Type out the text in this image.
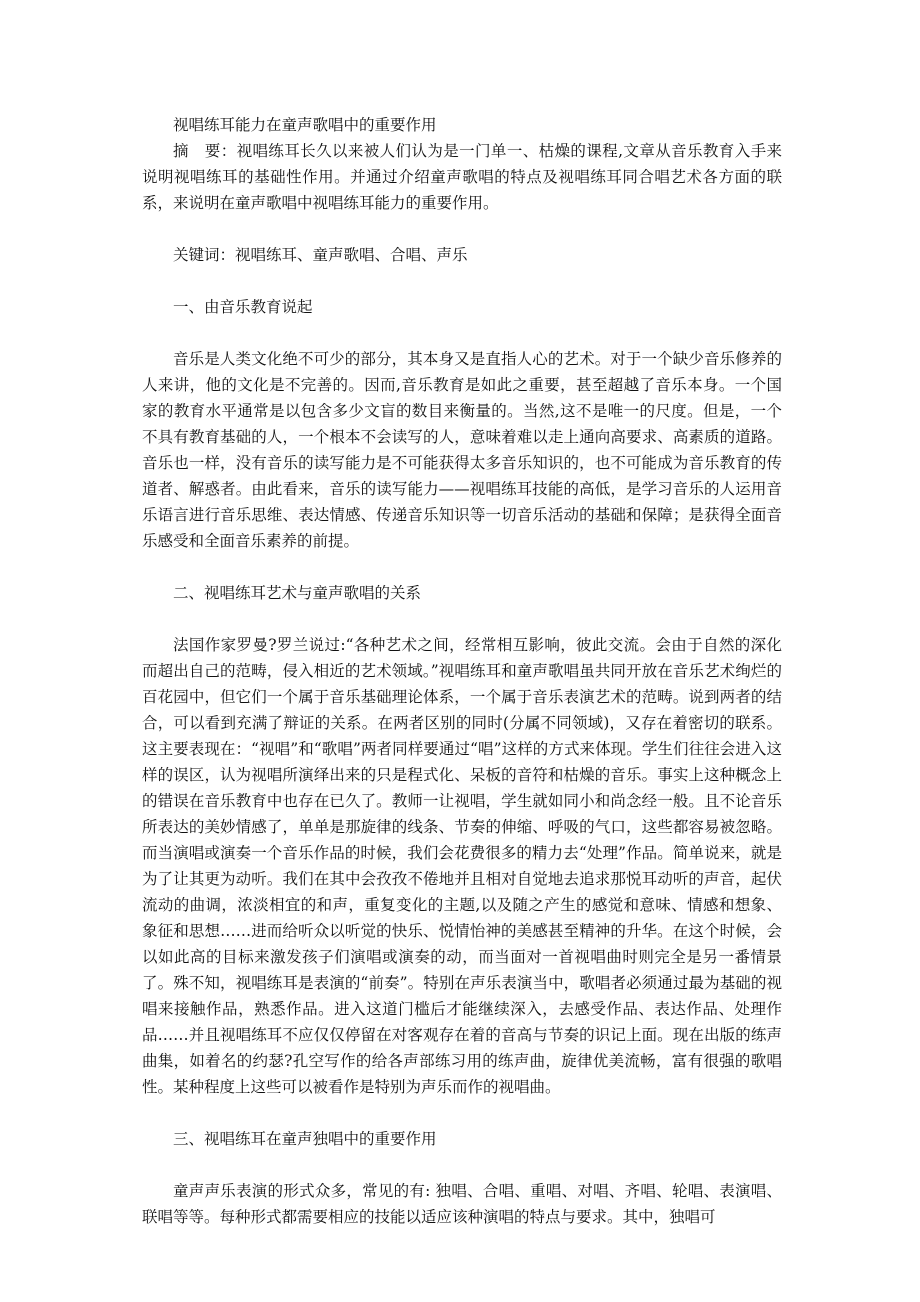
视唱练耳能力在童声歌唱中的重要作用

摘　要：视唱练耳长久以来被人们认为是一门单一、枯燥的课程,文章从音乐教育入手来说明视唱练耳的基础性作用。并通过介绍童声歌唱的特点及视唱练耳同合唱艺术各方面的联系，来说明在童声歌唱中视唱练耳能力的重要作用。

关键词：视唱练耳、童声歌唱、合唱、声乐

一、由音乐教育说起

音乐是人类文化绝不可少的部分，其本身又是直指人心的艺术。对于一个缺少音乐修养的人来讲，他的文化是不完善的。因而,音乐教育是如此之重要，甚至超越了音乐本身。一个国家的教育水平通常是以包含多少文盲的数目来衡量的。当然,这不是唯一的尺度。但是，一个不具有教育基础的人，一个根本不会读写的人，意味着难以走上通向高要求、高素质的道路。音乐也一样，没有音乐的读写能力是不可能获得太多音乐知识的，也不可能成为音乐教育的传道者、解惑者。由此看来，音乐的读写能力——视唱练耳技能的高低，是学习音乐的人运用音乐语言进行音乐思维、表达情感、传递音乐知识等一切音乐活动的基础和保障；是获得全面音乐感受和全面音乐素养的前提。

二、视唱练耳艺术与童声歌唱的关系

法国作家罗曼?罗兰说过:“各种艺术之间，经常相互影响，彼此交流。会由于自然的深化而超出自己的范畴，侵入相近的艺术领域。”视唱练耳和童声歌唱虽共同开放在音乐艺术绚烂的百花园中，但它们一个属于音乐基础理论体系，一个属于音乐表演艺术的范畴。说到两者的结合，可以看到充满了辩证的关系。在两者区别的同时(分属不同领域)，又存在着密切的联系。这主要表现在：“视唱”和“歌唱”两者同样要通过“唱”这样的方式来体现。学生们往往会进入这样的误区，认为视唱所演绎出来的只是程式化、呆板的音符和枯燥的音乐。事实上这种概念上的错误在音乐教育中也存在已久了。教师一让视唱，学生就如同小和尚念经一般。且不论音乐所表达的美妙情感了，单单是那旋律的线条、节奏的伸缩、呼吸的气口，这些都容易被忽略。而当演唱或演奏一个音乐作品的时候，我们会花费很多的精力去“处理”作品。简单说来，就是为了让其更为动听。我们在其中会孜孜不倦地并且相对自觉地去追求那悦耳动听的声音，起伏流动的曲调，浓淡相宜的和声，重复变化的主题,以及随之产生的感觉和意味、情感和想象、象征和思想……进而给听众以听觉的快乐、悦情怡神的美感甚至精神的升华。在这个时候，会以如此高的目标来激发孩子们演唱或演奏的动，而当面对一首视唱曲时则完全是另一番情景了。殊不知，视唱练耳是表演的“前奏”。特别在声乐表演当中，歌唱者必须通过最为基础的视唱来接触作品，熟悉作品。进入这道门槛后才能继续深入，去感受作品、表达作品、处理作品……并且视唱练耳不应仅仅停留在对客观存在着的音高与节奏的识记上面。现在出版的练声曲集，如着名的约瑟?孔空写作的给各声部练习用的练声曲，旋律优美流畅，富有很强的歌唱性。某种程度上这些可以被看作是特别为声乐而作的视唱曲。

三、视唱练耳在童声独唱中的重要作用

童声声乐表演的形式众多，常见的有: 独唱、合唱、重唱、对唱、齐唱、轮唱、表演唱、联唱等等。每种形式都需要相应的技能以适应该种演唱的特点与要求。其中，独唱可
